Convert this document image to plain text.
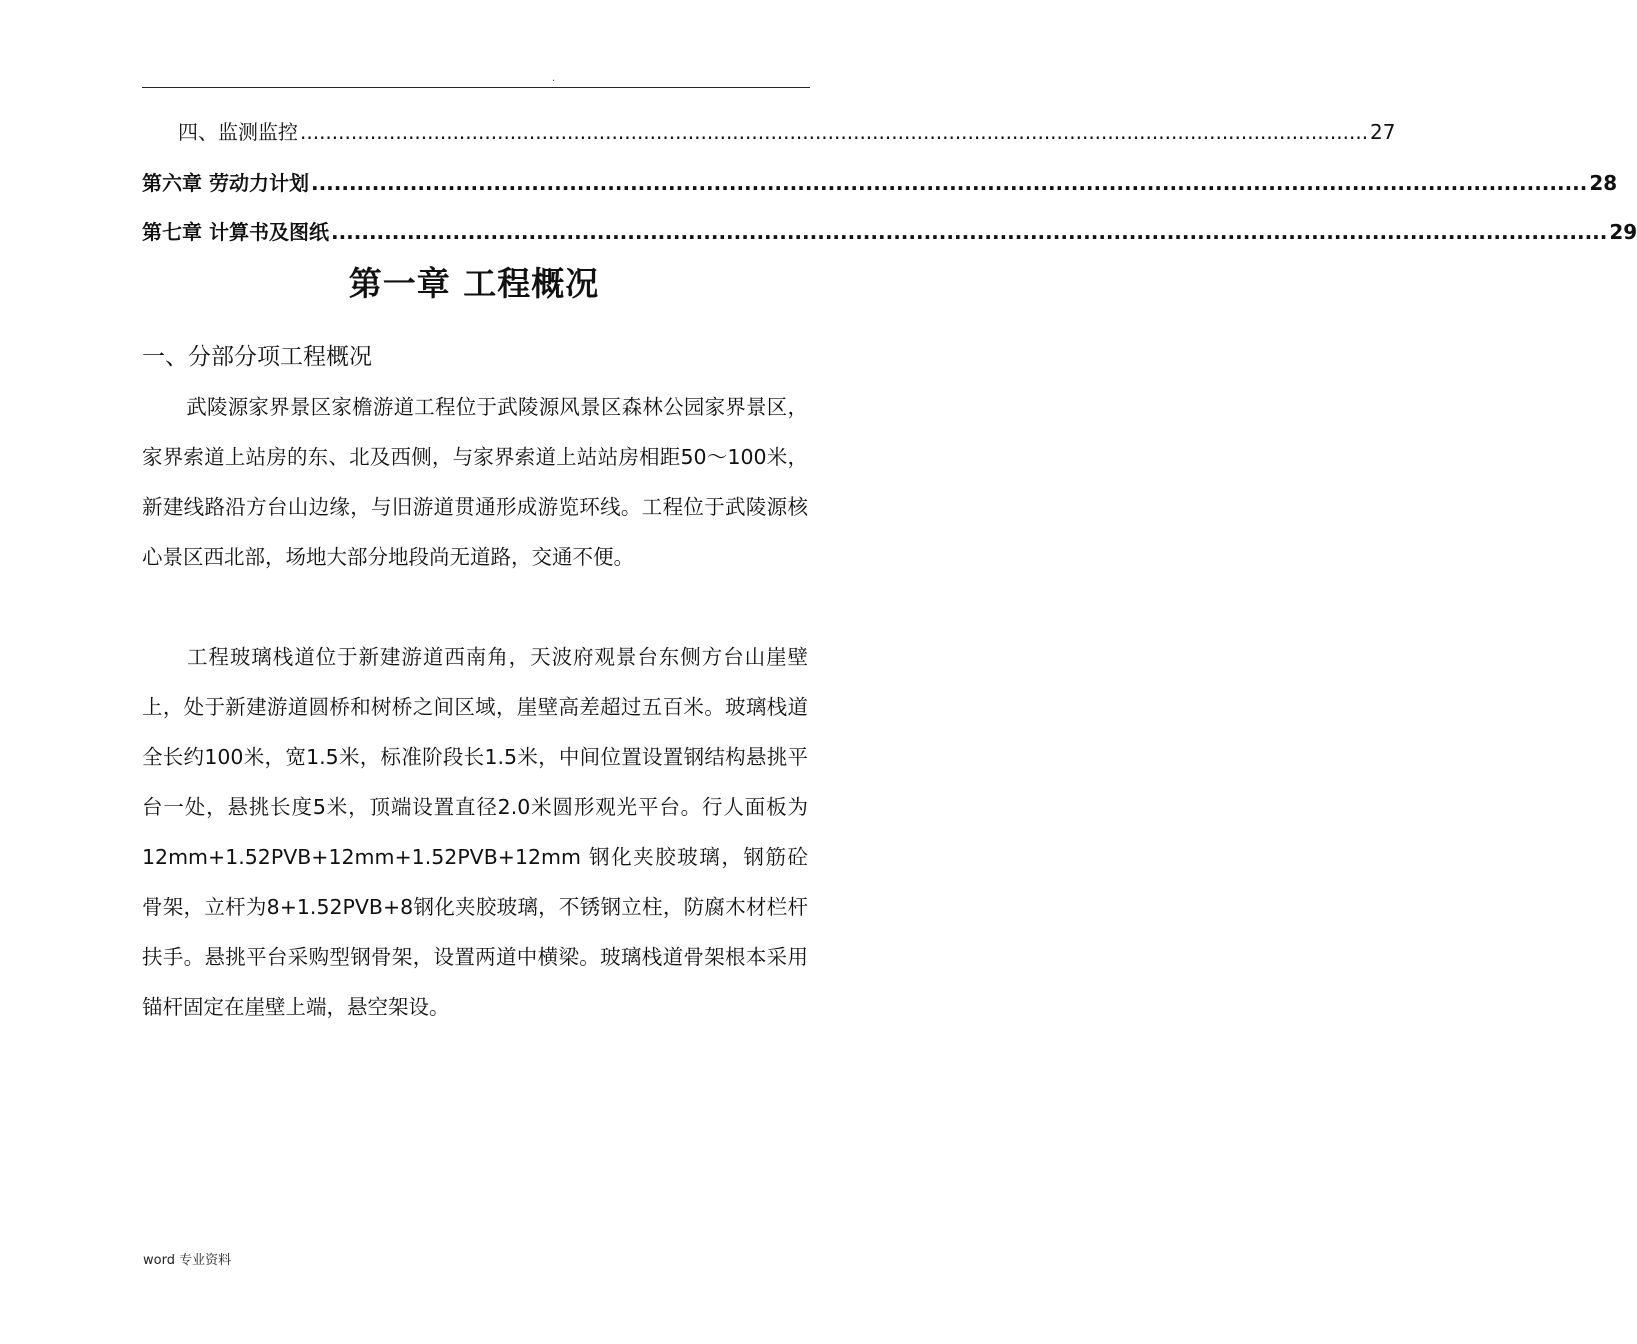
.
四、监测监控 ........................................................................................................................................................................ 27
第六章 劳动力计划 ........................................................................................................................................................................ 28
第七章 计算书及图纸 ........................................................................................................................................................................ 29
第一章 工程概况
一、分部分项工程概况

武陵源家界景区家檐游道工程位于武陵源风景区森林公园家界景区，家界索道上站房的东、北及西侧，与家界索道上站站房相距50～100米，新建线路沿方台山边缘，与旧游道贯通形成游览环线。工程位于武陵源核心景区西北部，场地大部分地段尚无道路，交通不便。

工程玻璃栈道位于新建游道西南角，天波府观景台东侧方台山崖壁上，处于新建游道圆桥和树桥之间区域，崖壁高差超过五百米。玻璃栈道全长约100米，宽1.5米，标准阶段长1.5米，中间位置设置钢结构悬挑平台一处，悬挑长度5米，顶端设置直径2.0米圆形观光平台。行人面板为 12mm+1.52PVB+12mm+1.52PVB+12mm 钢化夹胶玻璃，钢筋砼骨架，立杆为8+1.52PVB+8钢化夹胶玻璃，不锈钢立柱，防腐木材栏杆扶手。悬挑平台采购型钢骨架，设置两道中横梁。玻璃栈道骨架根本采用锚杆固定在崖壁上端，悬空架设。

word 专业资料
